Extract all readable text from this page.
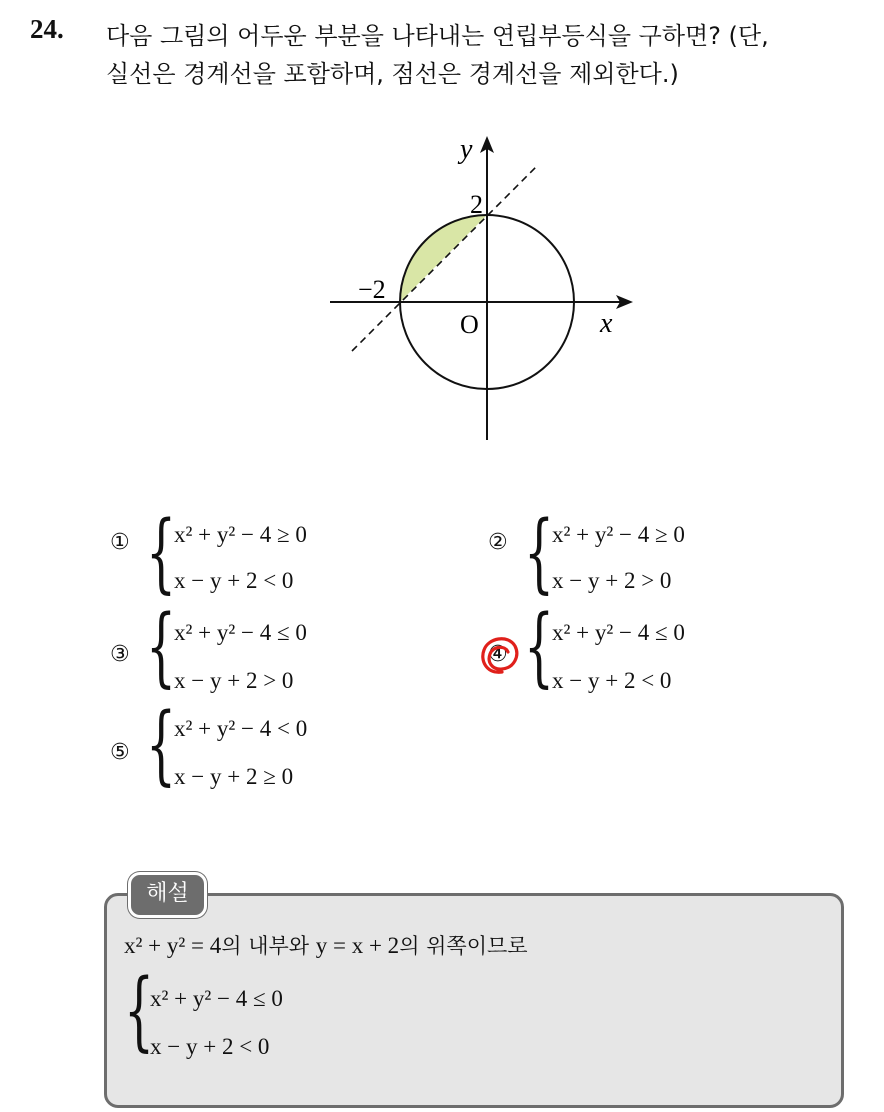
24. 다음 그림의 어두운 부분을 나타내는 연립부등식을 구하면? (단,
실선은 경계선을 포함하며, 점선은 경계선을 제외한다.)
y
x
O
2
−2
① {
x² + y² − 4 ≥ 0
x − y + 2 < 0
② {
x² + y² − 4 ≥ 0
x − y + 2 > 0
③ {
x² + y² − 4 ≤ 0
x − y + 2 > 0
④ {
x² + y² − 4 ≤ 0
x − y + 2 < 0
⑤ {
x² + y² − 4 < 0
x − y + 2 ≥ 0
해설
x² + y² = 4의 내부와 y = x + 2의 위쪽이므로
{
x² + y² − 4 ≤ 0
x − y + 2 < 0
